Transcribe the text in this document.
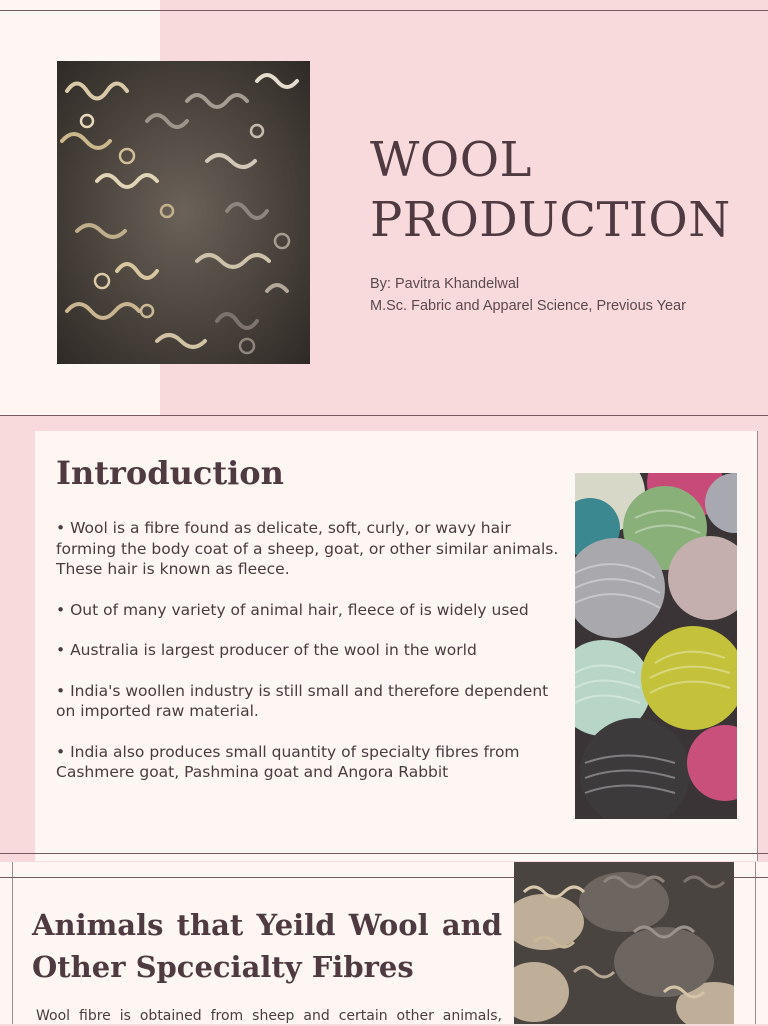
WOOL
PRODUCTION
By: Pavitra Khandelwal
M.Sc. Fabric and Apparel Science, Previous Year
Introduction

• Wool is a fibre found as delicate, soft, curly, or wavy hair forming the body coat of a sheep, goat, or other similar animals. These hair is known as fleece.

• Out of many variety of animal hair, fleece of is widely used

• Australia is largest producer of the wool in the world

• India's woollen industry is still small and therefore dependent on imported raw material.

• India also produces small quantity of specialty fibres from Cashmere goat, Pashmina goat and Angora Rabbit

Animals that Yeild Wool and Other Spcecialty Fibres
Wool fibre is obtained from sheep and certain other animals,
